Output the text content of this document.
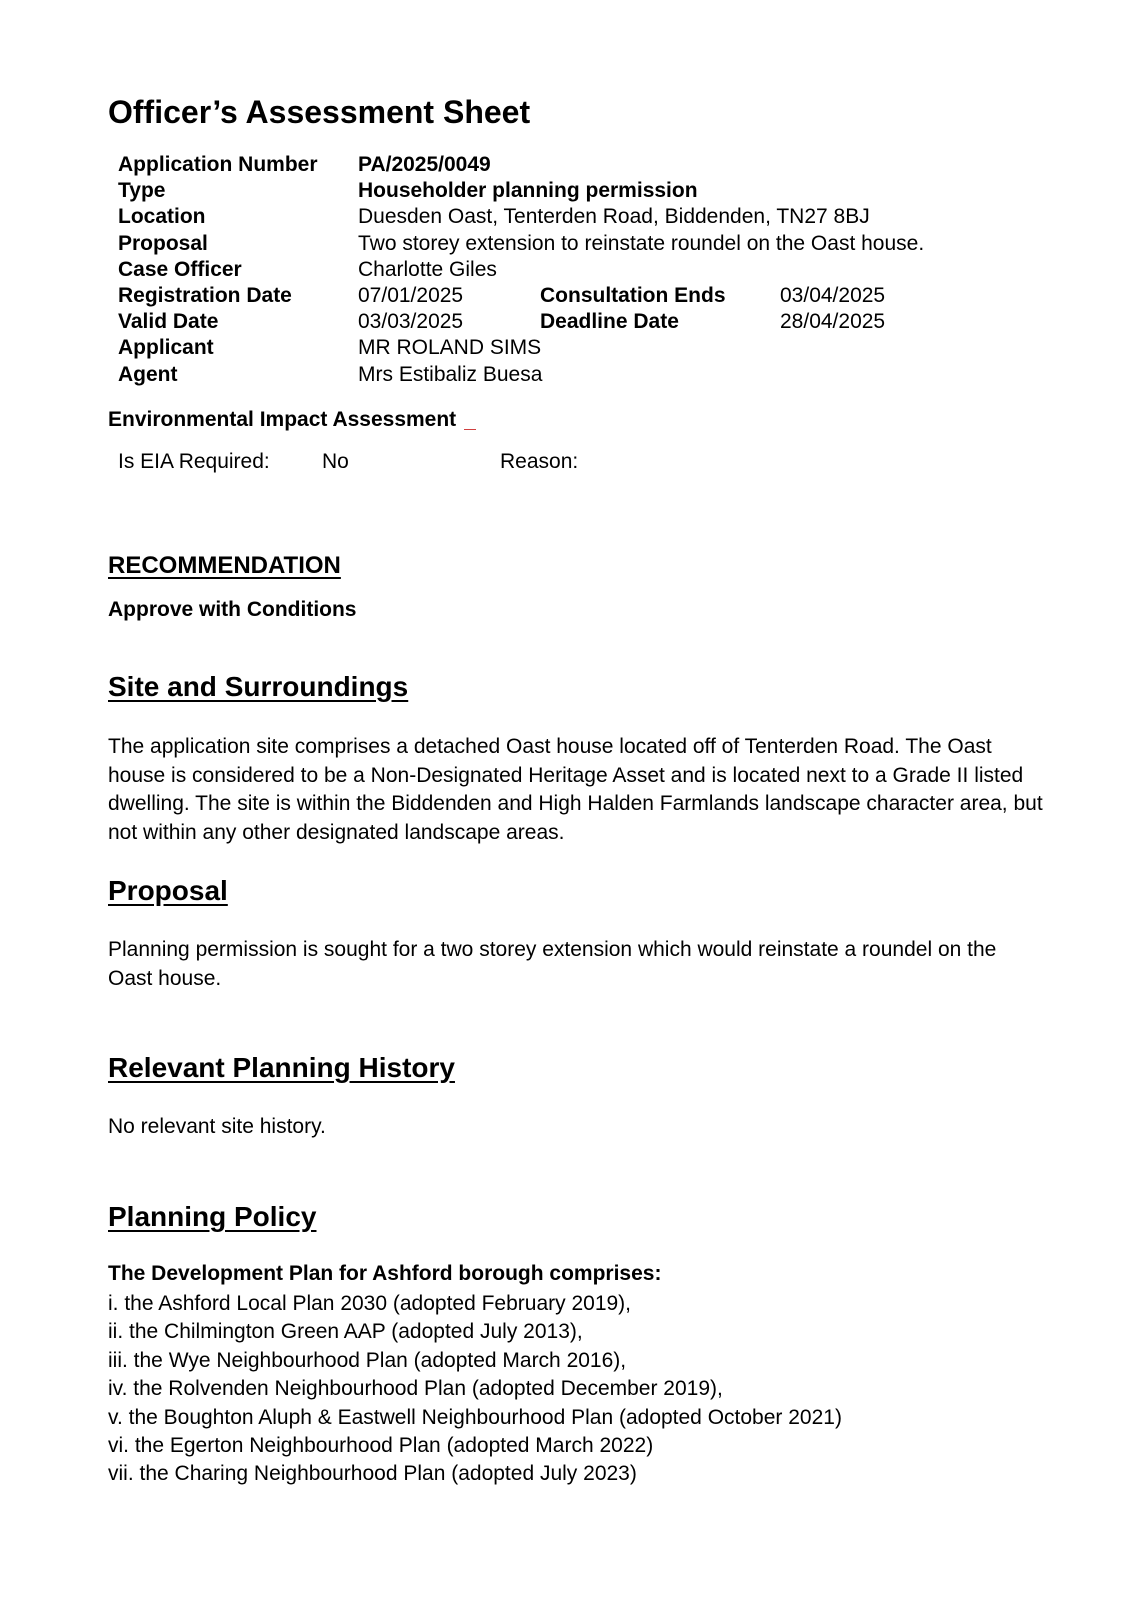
Officer’s Assessment Sheet
Application Number PA/2025/0049
Type	Householder planning permission
Location	Duesden Oast, Tenterden Road, Biddenden, TN27 8BJ
Proposal	Two storey extension to reinstate roundel on the Oast house.
Case Officer	Charlotte Giles
Registration Date	07/01/2025	Consultation Ends	03/04/2025
Valid Date	03/03/2025	Deadline Date	28/04/2025
Applicant	MR ROLAND SIMS
Agent	Mrs Estibaliz Buesa
Environmental Impact Assessment
Is EIA Required: No	Reason:
RECOMMENDATION
Approve with Conditions
Site and Surroundings

The application site comprises a detached Oast house located off of Tenterden Road. The Oast house is considered to be a Non-Designated Heritage Asset and is located next to a Grade II listed dwelling. The site is within the Biddenden and High Halden Farmlands landscape character area, but not within any other designated landscape areas.

Proposal

Planning permission is sought for a two storey extension which would reinstate a roundel on the Oast house.

Relevant Planning History

No relevant site history.

Planning Policy
The Development Plan for Ashford borough comprises:
i. the Ashford Local Plan 2030 (adopted February 2019),
ii. the Chilmington Green AAP (adopted July 2013),
iii. the Wye Neighbourhood Plan (adopted March 2016),
iv. the Rolvenden Neighbourhood Plan (adopted December 2019),
v. the Boughton Aluph & Eastwell Neighbourhood Plan (adopted October 2021)
vi. the Egerton Neighbourhood Plan (adopted March 2022)
vii. the Charing Neighbourhood Plan (adopted July 2023)
